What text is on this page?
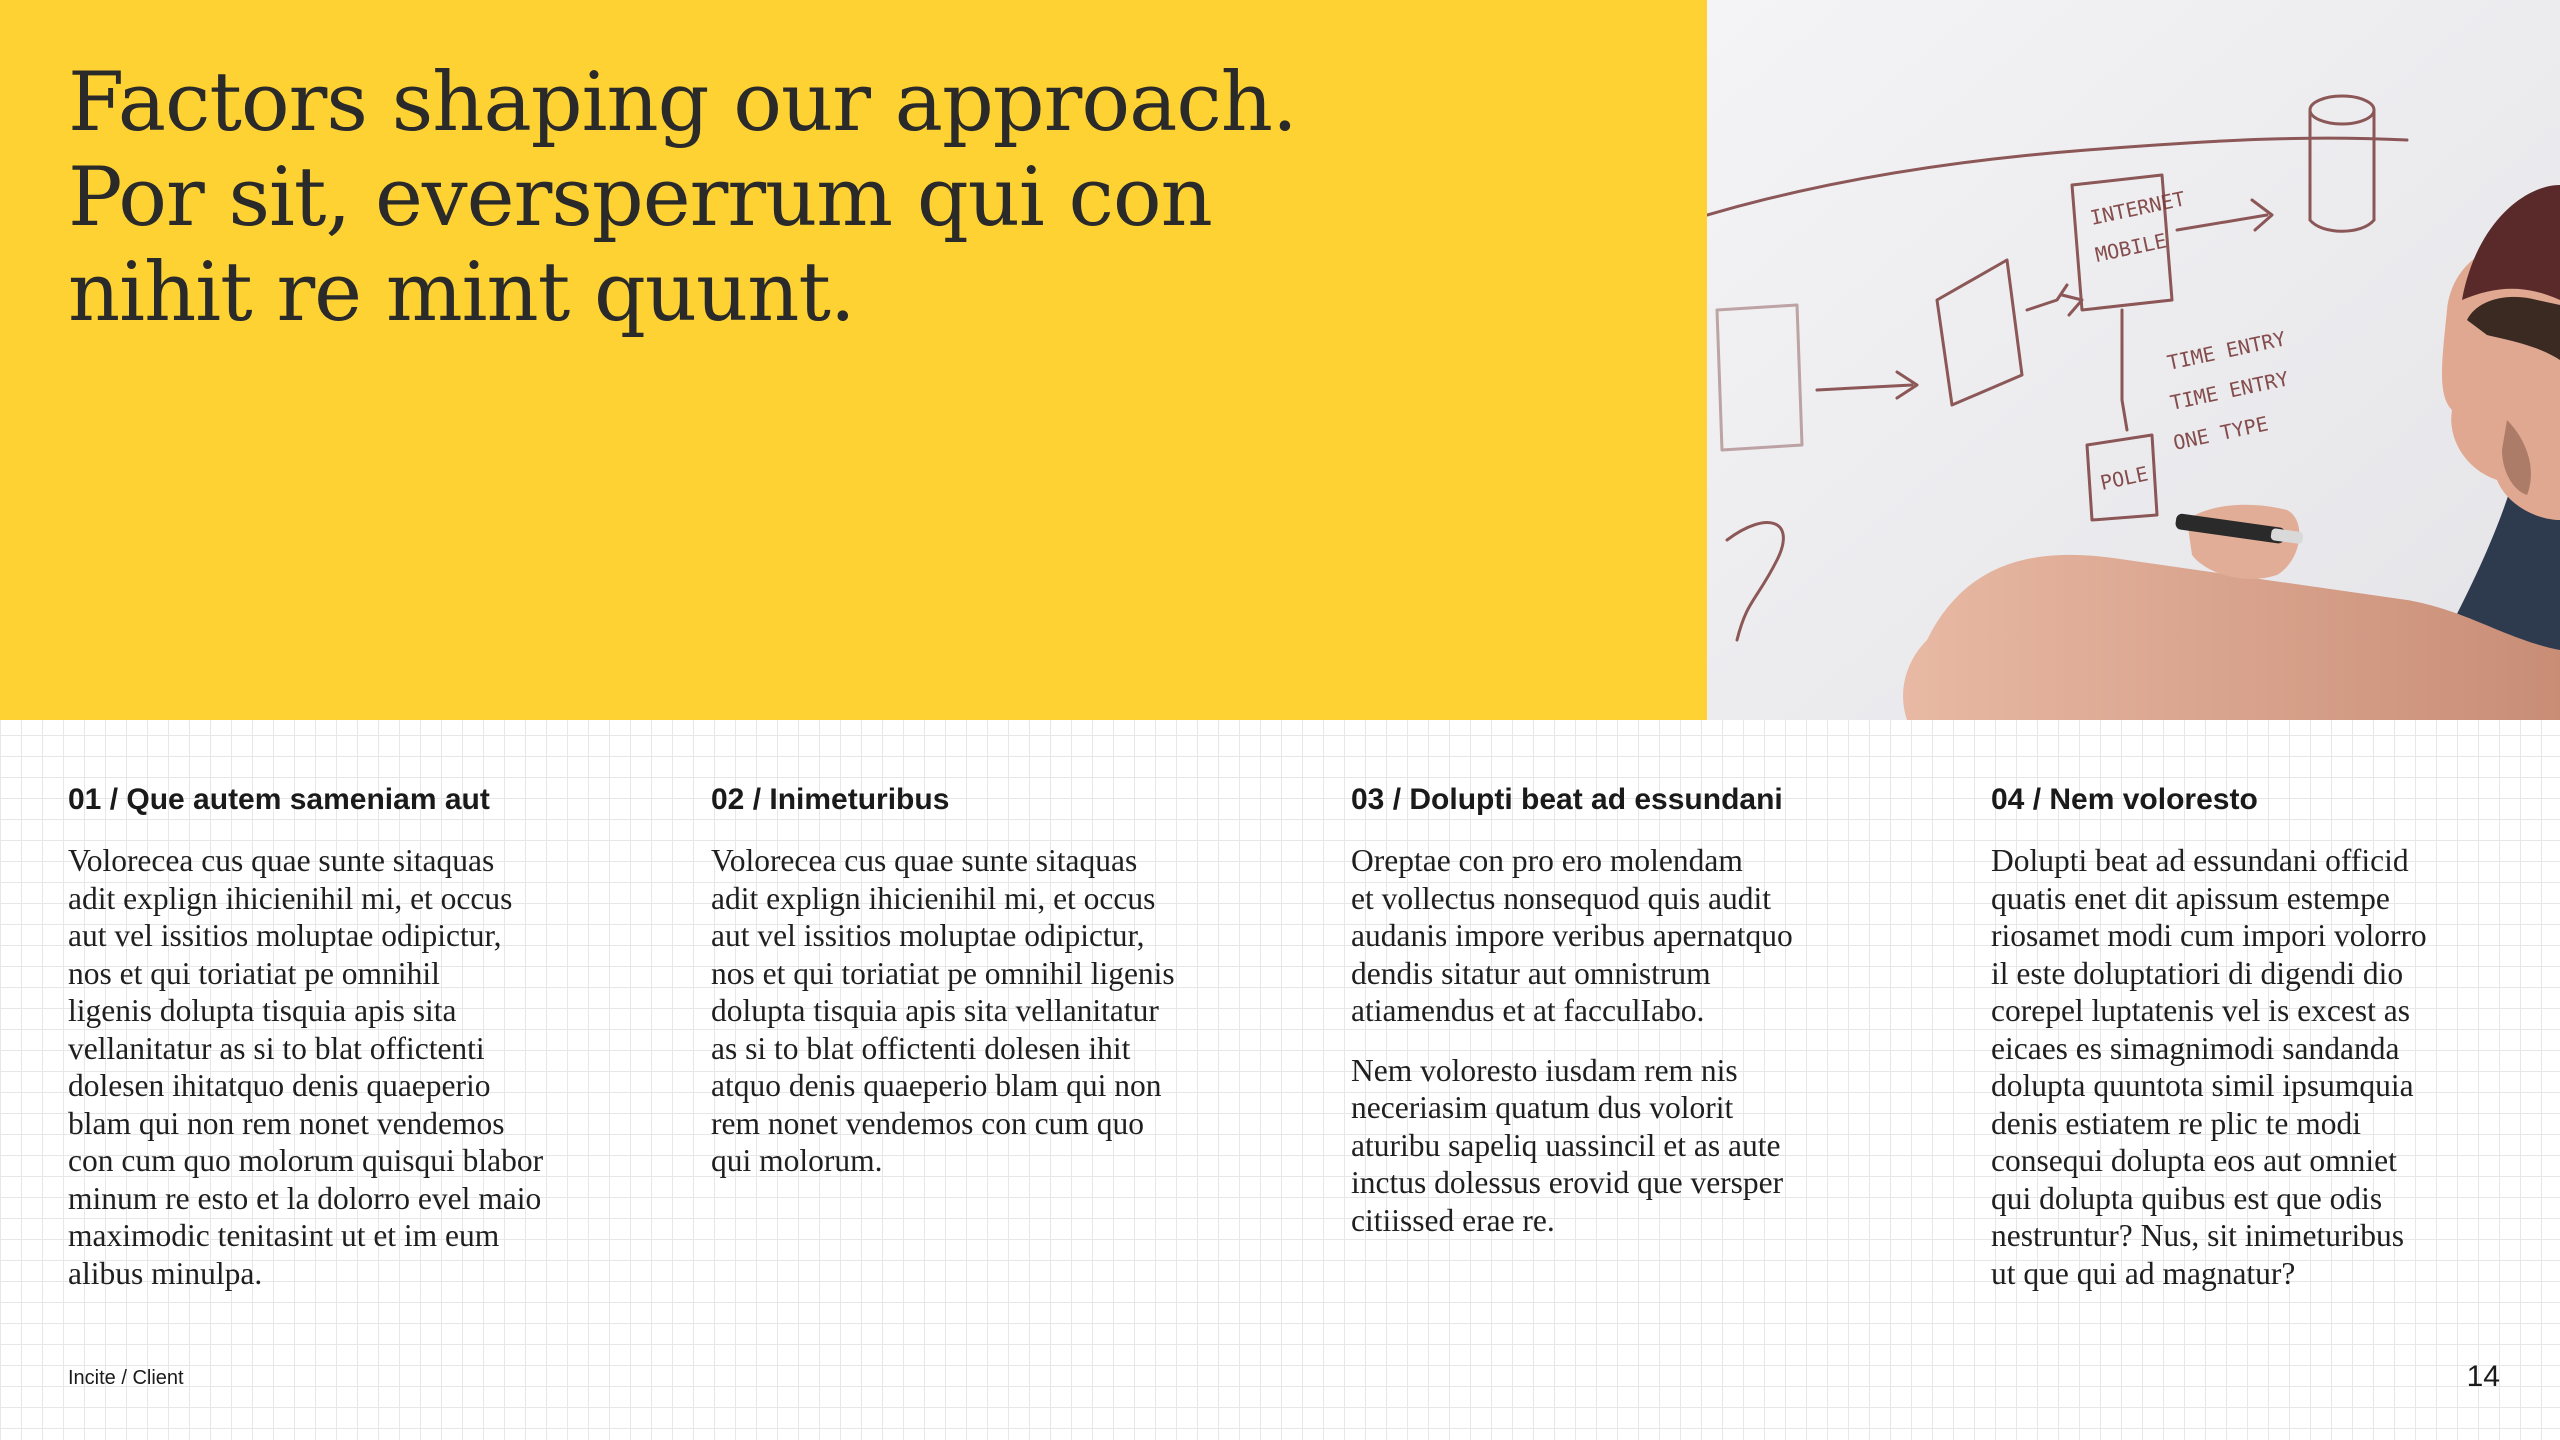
Factors shaping our approach.
Por sit, eversperrum qui con
nihit re mint quunt.
INTERNET
MOBILE
POLE
TIME ENTRY
TIME ENTRY
ONE TYPE
01 / Que autem sameniam aut

Volorecea cus quae sunte sitaquas
adit explign ihicienihil mi, et occus
aut vel issitios moluptae odipictur,
nos et qui toriatiat pe omnihil
ligenis dolupta tisquia apis sita
vellanitatur as si to blat offictenti
dolesen ihitatquo denis quaeperio
blam qui non rem nonet vendemos
con cum quo molorum quisqui blabor
minum re esto et la dolorro evel maio
maximodic tenitasint ut et im eum
alibus minulpa.

02 / Inimeturibus

Volorecea cus quae sunte sitaquas
adit explign ihicienihil mi, et occus
aut vel issitios moluptae odipictur,
nos et qui toriatiat pe omnihil ligenis
dolupta tisquia apis sita vellanitatur
as si to blat offictenti dolesen ihit
atquo denis quaeperio blam qui non
rem nonet vendemos con cum quo
qui molorum.

03 / Dolupti beat ad essundani

Oreptae con pro ero molendam
et vollectus nonsequod quis audit
audanis impore veribus apernatquo
dendis sitatur aut omnistrum
atiamendus et at facculIabo.

Nem voloresto iusdam rem nis
neceriasim quatum dus volorit
aturibu sapeliq uassincil et as aute
inctus dolessus erovid que versper
citiissed erae re.

04 / Nem voloresto

Dolupti beat ad essundani officid
quatis enet dit apissum estempe
riosamet modi cum impori volorro
il este doluptatiori di digendi dio
corepel luptatenis vel is excest as
eicaes es simagnimodi sandanda
dolupta quuntota simil ipsumquia
denis estiatem re plic te modi
consequi dolupta eos aut omniet
qui dolupta quibus est que odis
nestruntur? Nus, sit inimeturibus
ut que qui ad magnatur?

Incite / Client	14
